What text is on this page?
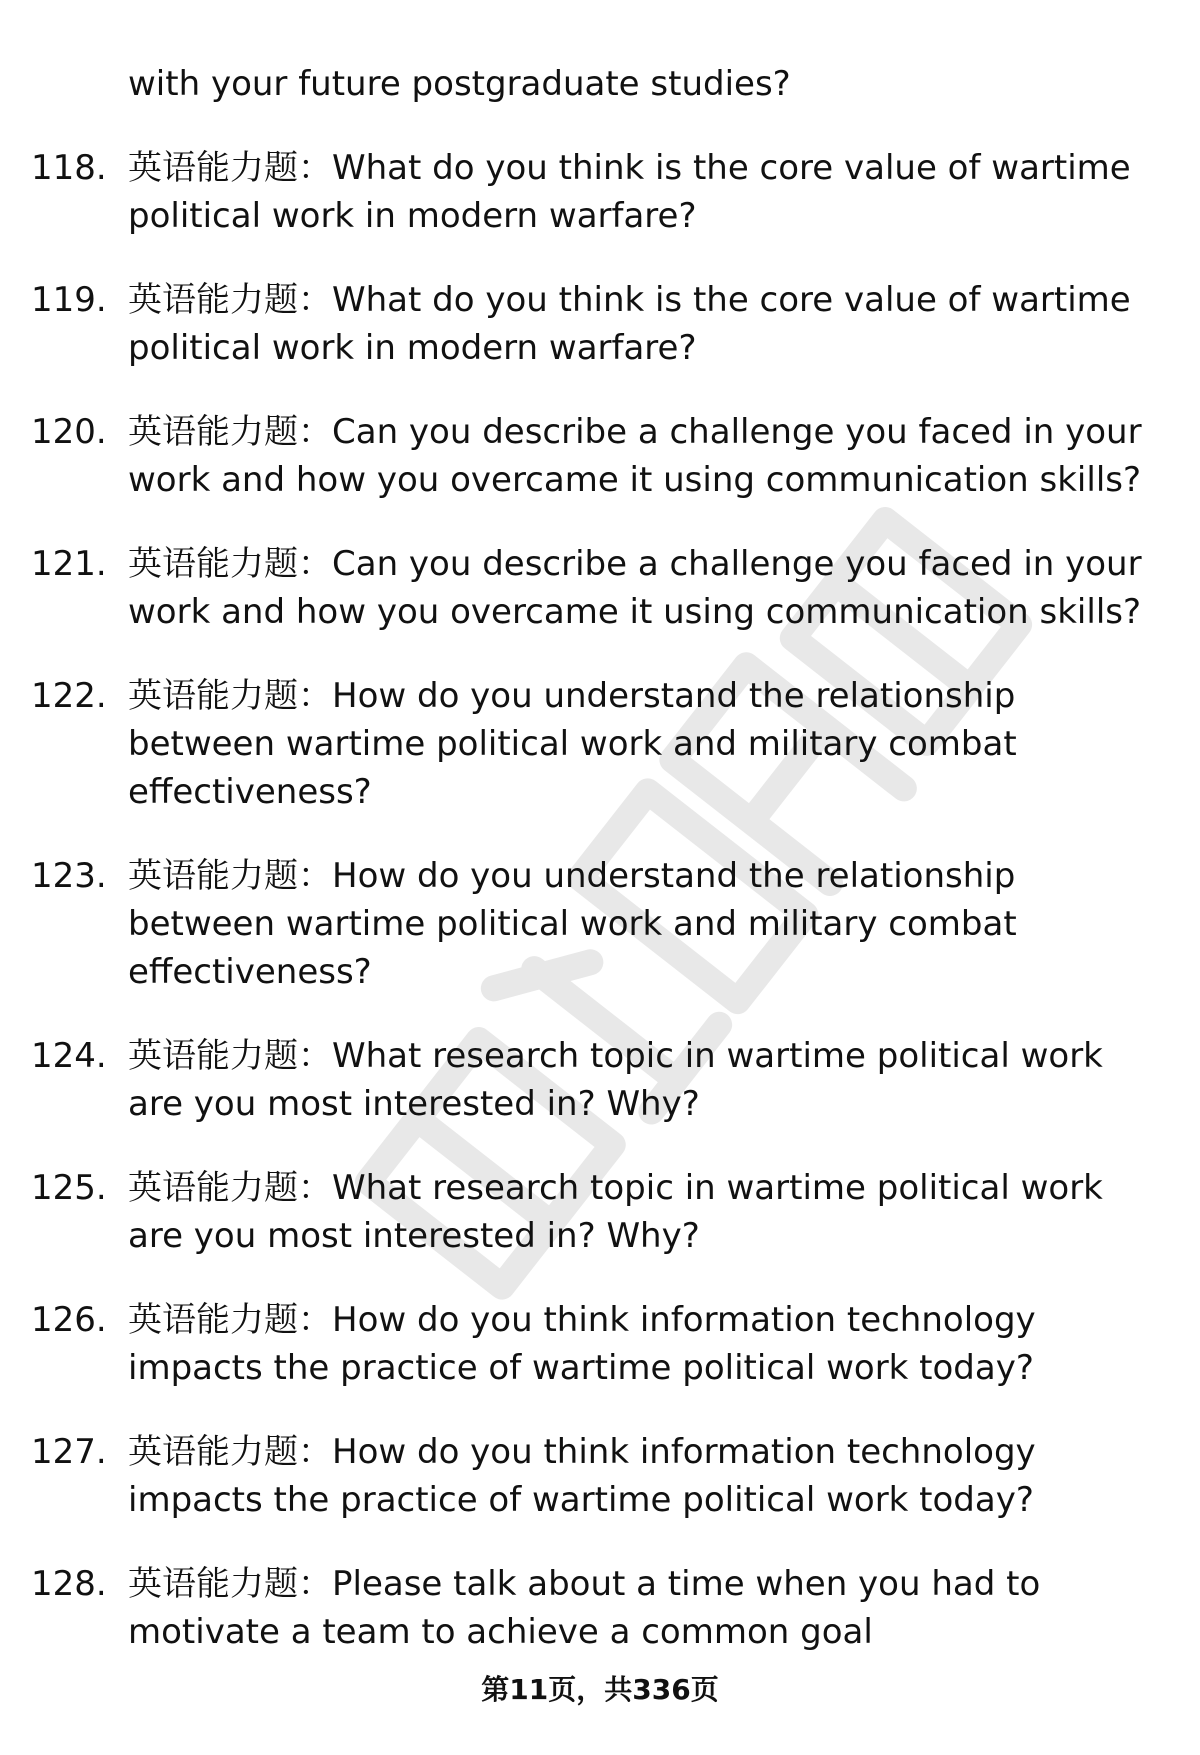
with your future postgraduate studies?
118. 英语能力题：What do you think is the core value of wartime political work in modern warfare?
119. 英语能力题：What do you think is the core value of wartime political work in modern warfare?
120. 英语能力题：Can you describe a challenge you faced in your work and how you overcame it using communication skills?
121. 英语能力题：Can you describe a challenge you faced in your work and how you overcame it using communication skills?
122. 英语能力题：How do you understand the relationship between wartime political work and military combat effectiveness?
123. 英语能力题：How do you understand the relationship between wartime political work and military combat effectiveness?
124. 英语能力题：What research topic in wartime political work are you most interested in? Why?
125. 英语能力题：What research topic in wartime political work are you most interested in? Why?
126. 英语能力题：How do you think information technology impacts the practice of wartime political work today?
127. 英语能力题：How do you think information technology impacts the practice of wartime political work today?
128. 英语能力题：Please talk about a time when you had to motivate a team to achieve a common goal
第11页，共336页
